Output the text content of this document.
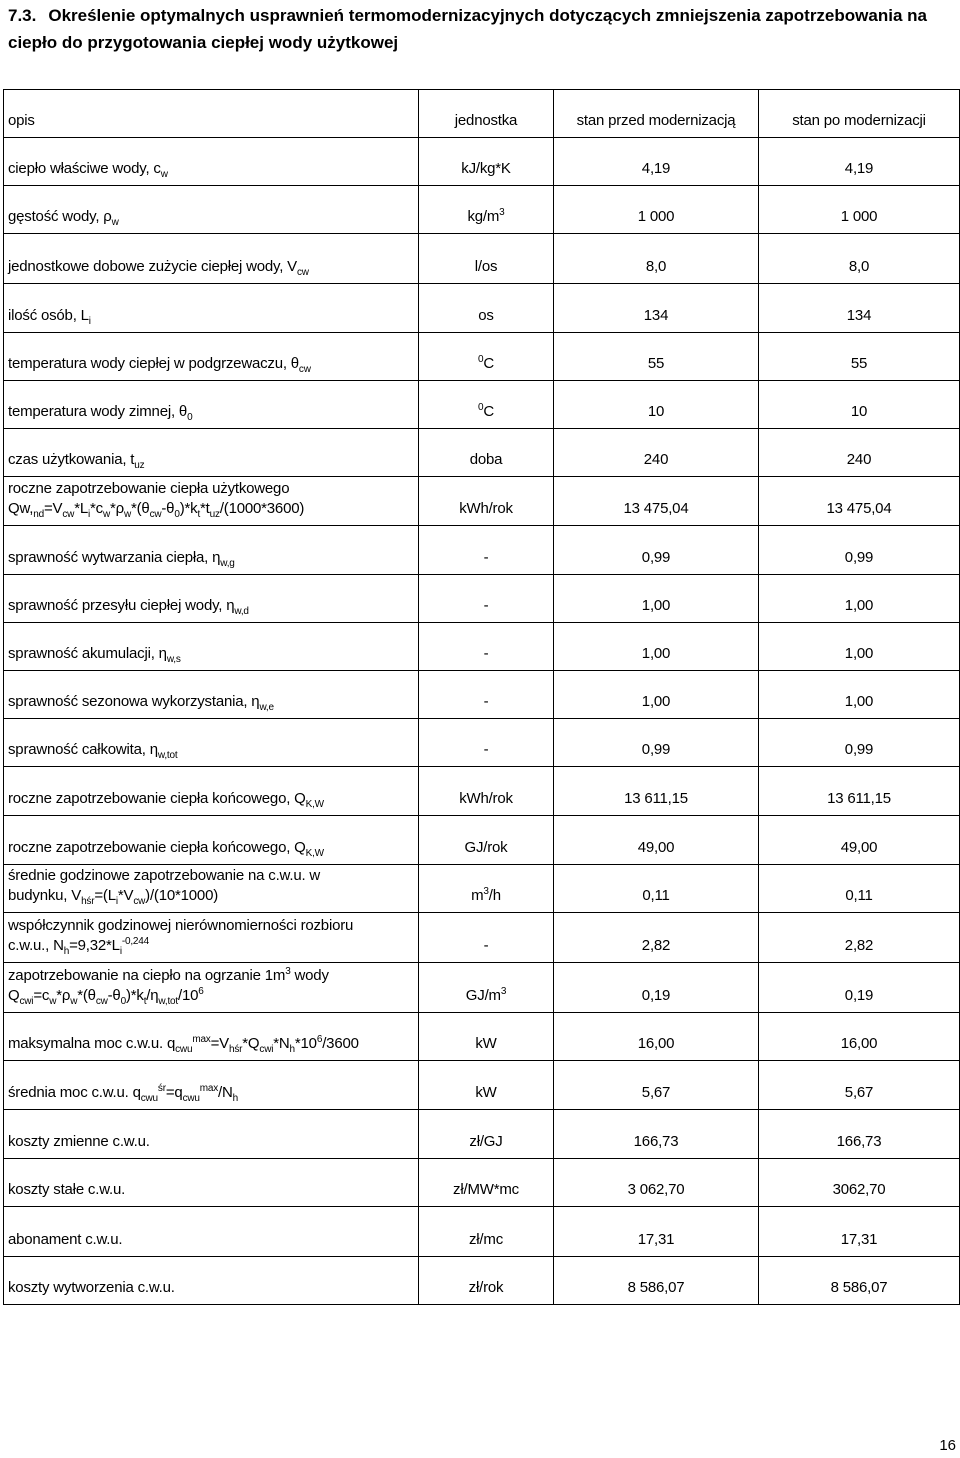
7.3. Określenie optymalnych usprawnień termomodernizacyjnych dotyczących zmniejszenia zapotrzebowania na ciepło do przygotowania ciepłej wody użytkowej
opis	jednostka	stan przed modernizacją	stan po modernizacji
ciepło właściwe wody, $c_w$	kJ/kg*K	4,19	4,19
gęstość wody, $\rho_w$	$kg/m^3$	1 000	1 000
jednostkowe dobowe zużycie ciepłej wody, $V_{cw}$	l/os	8,0	8,0
ilość osób, $L_i$	os	134	134
temperatura wody ciepłej w podgrzewaczu, $\theta_{cw}$	$^0$C	55	55
temperatura wody zimnej, $\theta_0$	$^0$C	10	10
czas użytkowania, $t_{uz}$	doba	240	240
roczne zapotrzebowanie ciepła użytkowego
$Qw,_{nd}=V_{cw}*L_i*c_w*\rho_w*(\theta_{cw}-\theta_0)*k_t*t_{uz}/(1000*3600)$	kWh/rok	13 475,04	13 475,04
sprawność wytwarzania ciepła, $\eta_{w,g}$	-	0,99	0,99
sprawność przesyłu ciepłej wody, $\eta_{w,d}$	-	1,00	1,00
sprawność akumulacji, $\eta_{w,s}$	-	1,00	1,00
sprawność sezonowa wykorzystania, $\eta_{w,e}$	-	1,00	1,00
sprawność całkowita, $\eta_{w,tot}$	-	0,99	0,99
roczne zapotrzebowanie ciepła końcowego, $Q_{K,W}$	kWh/rok	13 611,15	13 611,15
roczne zapotrzebowanie ciepła końcowego, $Q_{K,W}$	GJ/rok	49,00	49,00
średnie godzinowe zapotrzebowanie na c.w.u. w
budynku, $V_{hśr}=(L_i*V_{cw})/(10*1000)$	$m^3/h$	0,11	0,11
współczynnik godzinowej nierównomierności rozbioru
c.w.u., $N_h=9,32*L_i^{-0,244}$	-	2,82	2,82
zapotrzebowanie na ciepło na ogrzanie $1m^3$ wody
$Q_{cwi}=c_w*\rho_w*(\theta_{cw}-\theta_0)*k_t/\eta_{w,tot}/10^6$	$GJ/m^3$	0,19	0,19
maksymalna moc c.w.u. $q_{cwu}^{max}=V_{hśr}*Q_{cwi}*N_h*10^6/3600$	kW	16,00	16,00
średnia moc c.w.u. $q_{cwu}^{śr}=q_{cwu}^{max}/N_h$	kW	5,67	5,67
koszty zmienne c.w.u.	zł/GJ	166,73	166,73
koszty stałe c.w.u.	zł/MW*mc	3 062,70	3062,70
abonament c.w.u.	zł/mc	17,31	17,31
koszty wytworzenia c.w.u.	zł/rok	8 586,07	8 586,07
16
